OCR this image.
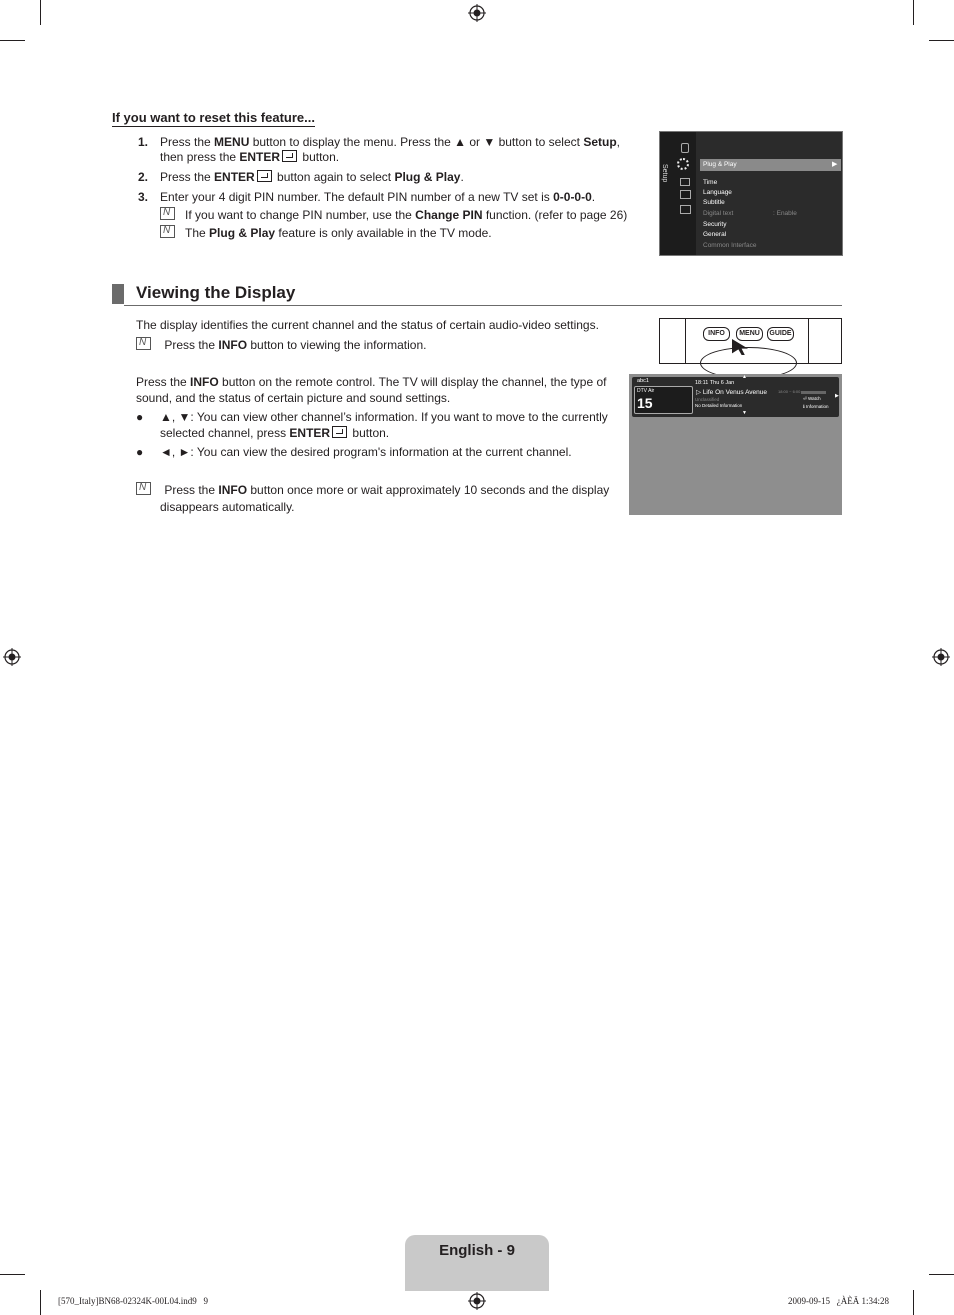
If you want to reset this feature...
1. Press the MENU button to display the menu. Press the ▲ or ▼ button to select Setup,
then press the ENTER button.
2. Press the ENTER button again to select Plug & Play.
3. Enter your 4 digit PIN number. The default PIN number of a new TV set is 0-0-0-0.
N   If you want to change PIN number, use the Change PIN function. (refer to page 26)
N   The Plug & Play feature is only available in the TV mode.
Setup	Plug & Play	▶
Time
Language
Subtitle
Digital text	: Enable
Security
General
Common Interface
Viewing the Display
The display identifies the current channel and the status of certain audio-video settings.
N    Press the INFO button to viewing the information.
INFO	MENU	GUIDE
Press the INFO button on the remote control. The TV will display the channel, the type of
sound, and the status of certain picture and sound settings.
● ▲, ▼: You can view other channel’s information. If you want to move to the currently
selected channel, press ENTER button.
● ◄, ►: You can view the desired program's information at the current channel.
N    Press the INFO button once more or wait approximately 10 seconds and the display
disappears automatically.
abc1
DTV Air
15
▲
18:11 Thu 6 Jan
▷ Life On Venus Avenue
Unclassified
No Detailed Information
18:00 ~ 6:00
⏎ Watch
ℹ Information
▶
▼
English - 9
[570_Italy]BN68-02324K-00L04.ind9   9	2009-09-15   ¿ÀÈÄ 1:34:28
